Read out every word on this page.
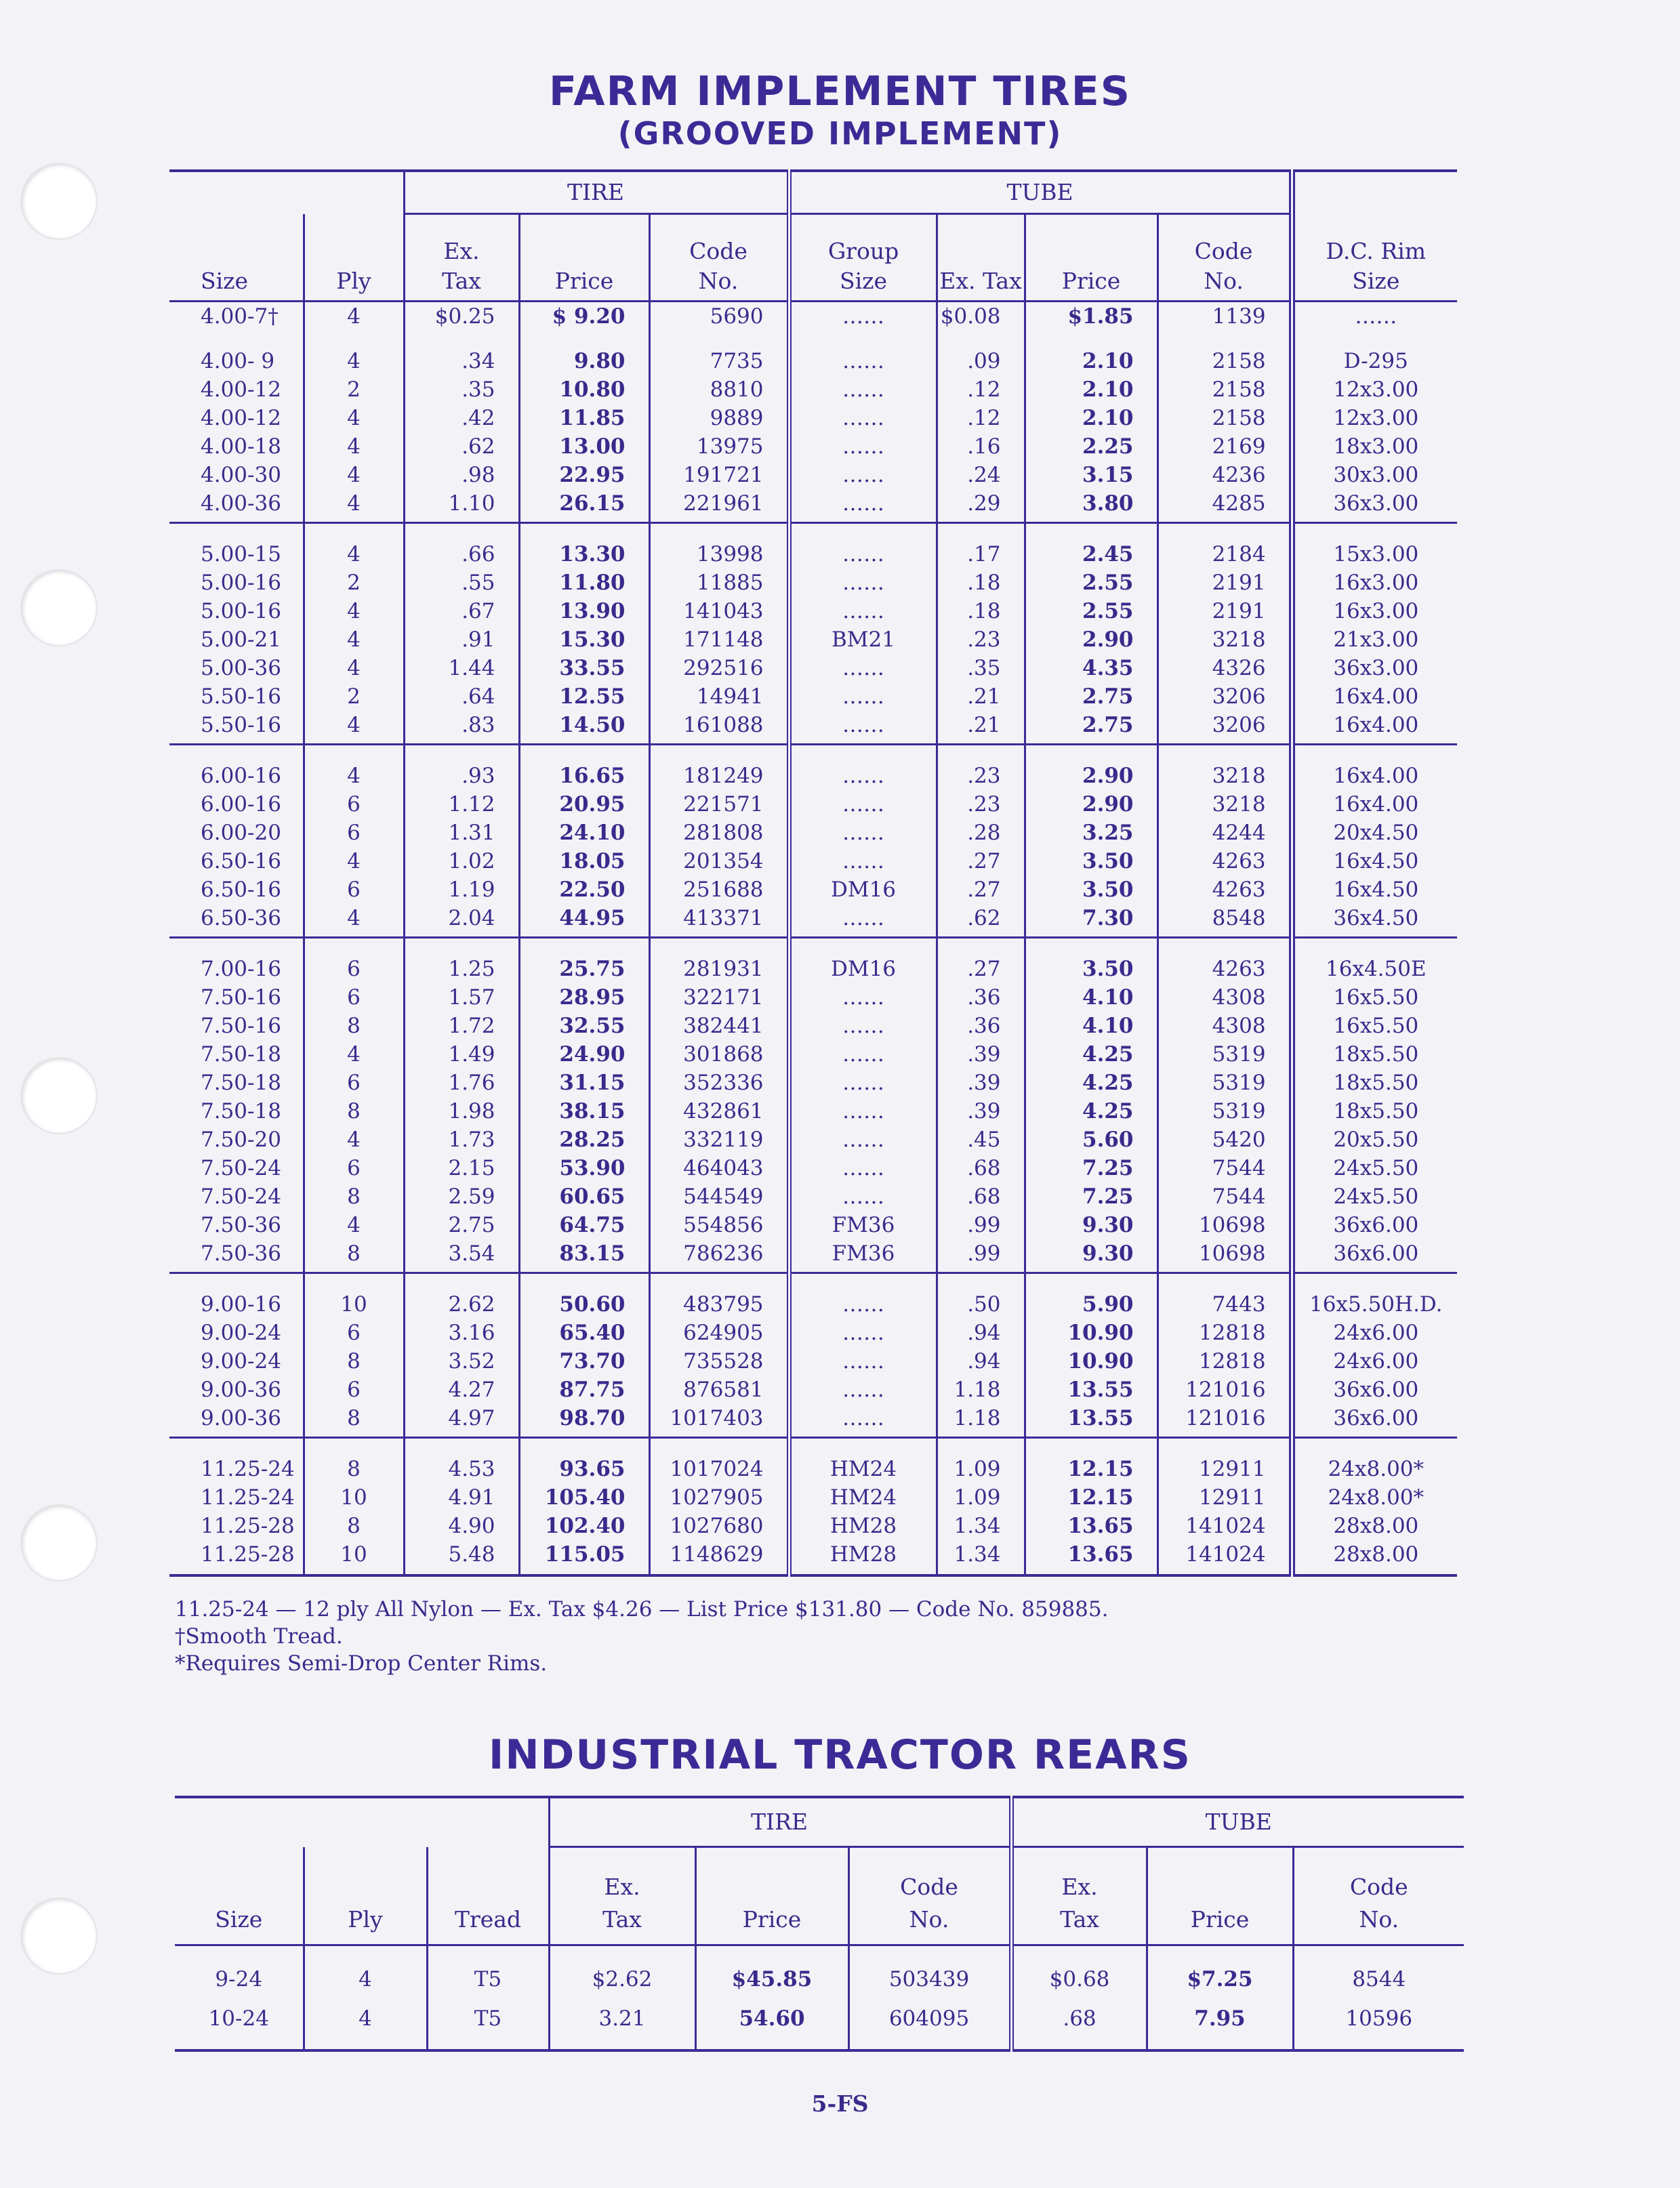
FARM IMPLEMENT TIRES
(GROOVED IMPLEMENT)
		TIRE			TUBE				
Size	Ply	Ex. Tax	Price	Code No.	Group Size	Ex. Tax	Price	Code No.	D.C. Rim Size
4.00-7†	4	$0.25	$ 9.20	5690	……	$0.08	$1.85	1139	……
4.00- 9	4	.34	9.80	7735	……	.09	2.10	2158	D-295
4.00-12	2	.35	10.80	8810	……	.12	2.10	2158	12x3.00
4.00-12	4	.42	11.85	9889	……	.12	2.10	2158	12x3.00
4.00-18	4	.62	13.00	13975	……	.16	2.25	2169	18x3.00
4.00-30	4	.98	22.95	191721	……	.24	3.15	4236	30x3.00
4.00-36	4	1.10	26.15	221961	……	.29	3.80	4285	36x3.00
5.00-15	4	.66	13.30	13998	……	.17	2.45	2184	15x3.00
5.00-16	2	.55	11.80	11885	……	.18	2.55	2191	16x3.00
5.00-16	4	.67	13.90	141043	……	.18	2.55	2191	16x3.00
5.00-21	4	.91	15.30	171148	BM21	.23	2.90	3218	21x3.00
5.00-36	4	1.44	33.55	292516	……	.35	4.35	4326	36x3.00
5.50-16	2	.64	12.55	14941	……	.21	2.75	3206	16x4.00
5.50-16	4	.83	14.50	161088	……	.21	2.75	3206	16x4.00
6.00-16	4	.93	16.65	181249	……	.23	2.90	3218	16x4.00
6.00-16	6	1.12	20.95	221571	……	.23	2.90	3218	16x4.00
6.00-20	6	1.31	24.10	281808	……	.28	3.25	4244	20x4.50
6.50-16	4	1.02	18.05	201354	……	.27	3.50	4263	16x4.50
6.50-16	6	1.19	22.50	251688	DM16	.27	3.50	4263	16x4.50
6.50-36	4	2.04	44.95	413371	……	.62	7.30	8548	36x4.50
7.00-16	6	1.25	25.75	281931	DM16	.27	3.50	4263	16x4.50E
7.50-16	6	1.57	28.95	322171	……	.36	4.10	4308	16x5.50
7.50-16	8	1.72	32.55	382441	……	.36	4.10	4308	16x5.50
7.50-18	4	1.49	24.90	301868	……	.39	4.25	5319	18x5.50
7.50-18	6	1.76	31.15	352336	……	.39	4.25	5319	18x5.50
7.50-18	8	1.98	38.15	432861	……	.39	4.25	5319	18x5.50
7.50-20	4	1.73	28.25	332119	……	.45	5.60	5420	20x5.50
7.50-24	6	2.15	53.90	464043	……	.68	7.25	7544	24x5.50
7.50-24	8	2.59	60.65	544549	……	.68	7.25	7544	24x5.50
7.50-36	4	2.75	64.75	554856	FM36	.99	9.30	10698	36x6.00
7.50-36	8	3.54	83.15	786236	FM36	.99	9.30	10698	36x6.00
9.00-16	10	2.62	50.60	483795	……	.50	5.90	7443	16x5.50H.D.
9.00-24	6	3.16	65.40	624905	……	.94	10.90	12818	24x6.00
9.00-24	8	3.52	73.70	735528	……	.94	10.90	12818	24x6.00
9.00-36	6	4.27	87.75	876581	……	1.18	13.55	121016	36x6.00
9.00-36	8	4.97	98.70	1017403	……	1.18	13.55	121016	36x6.00
11.25-24	8	4.53	93.65	1017024	HM24	1.09	12.15	12911	24x8.00*
11.25-24	10	4.91	105.40	1027905	HM24	1.09	12.15	12911	24x8.00*
11.25-28	8	4.90	102.40	1027680	HM28	1.34	13.65	141024	28x8.00
11.25-28	10	5.48	115.05	1148629	HM28	1.34	13.65	141024	28x8.00
11.25-24 — 12 ply All Nylon — Ex. Tax $4.26 — List Price $131.80 — Code No. 859885.
†Smooth Tread.
*Requires Semi-Drop Center Rims.
INDUSTRIAL TRACTOR REARS
			TIRE			TUBE		
Size	Ply	Tread	Ex. Tax	Price	Code No.	Ex. Tax	Price	Code No.
9-24	4	T5	$2.62	$45.85	503439	$0.68	$7.25	8544
10-24	4	T5	3.21	54.60	604095	.68	7.95	10596
5-FS
